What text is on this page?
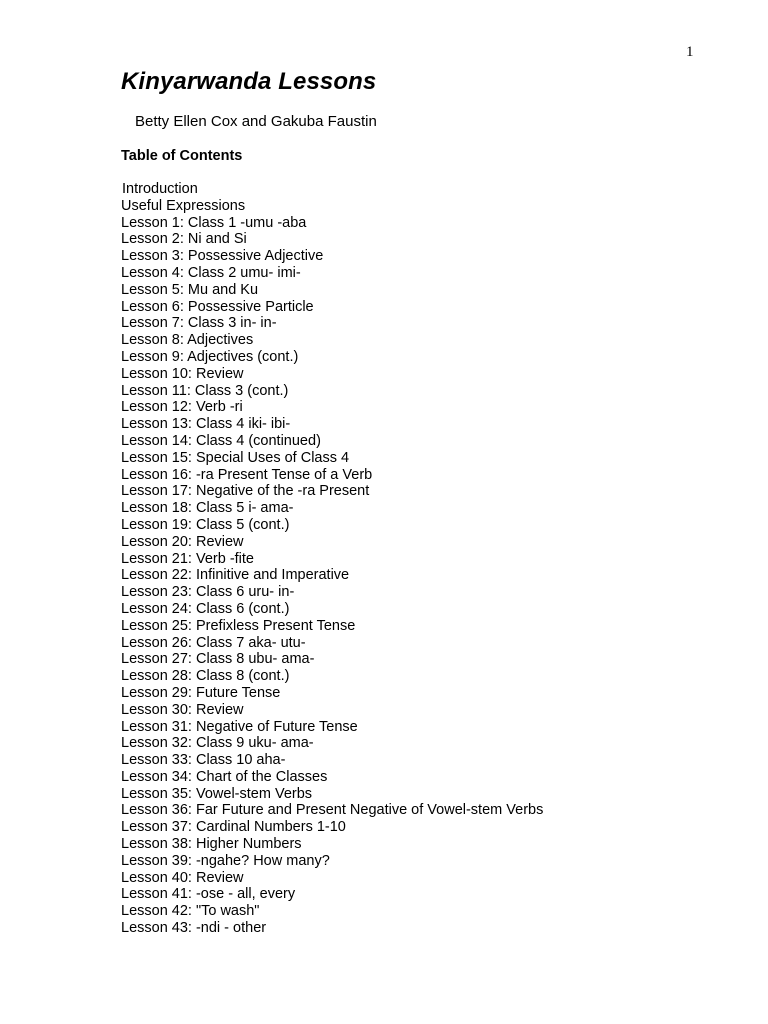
1
Kinyarwanda Lessons
Betty Ellen Cox and Gakuba Faustin
Table of Contents
Introduction
Useful Expressions
Lesson 1: Class 1 -umu -aba
Lesson 2: Ni and Si
Lesson 3: Possessive Adjective
Lesson 4: Class 2 umu- imi-
Lesson 5: Mu and Ku
Lesson 6: Possessive Particle
Lesson 7: Class 3 in- in-
Lesson 8: Adjectives
Lesson 9: Adjectives (cont.)
Lesson 10: Review
Lesson 11: Class 3 (cont.)
Lesson 12: Verb -ri
Lesson 13: Class 4 iki- ibi-
Lesson 14: Class 4 (continued)
Lesson 15: Special Uses of Class 4
Lesson 16: -ra Present Tense of a Verb
Lesson 17: Negative of the -ra Present
Lesson 18: Class 5 i- ama-
Lesson 19: Class 5 (cont.)
Lesson 20: Review
Lesson 21: Verb -fite
Lesson 22: Infinitive and Imperative
Lesson 23: Class 6 uru- in-
Lesson 24: Class 6 (cont.)
Lesson 25: Prefixless Present Tense
Lesson 26: Class 7 aka- utu-
Lesson 27: Class 8 ubu- ama-
Lesson 28: Class 8 (cont.)
Lesson 29: Future Tense
Lesson 30: Review
Lesson 31: Negative of Future Tense
Lesson 32: Class 9 uku- ama-
Lesson 33: Class 10 aha-
Lesson 34: Chart of the Classes
Lesson 35: Vowel-stem Verbs
Lesson 36: Far Future and Present Negative of Vowel-stem Verbs
Lesson 37: Cardinal Numbers 1-10
Lesson 38: Higher Numbers
Lesson 39: -ngahe? How many?
Lesson 40: Review
Lesson 41: -ose - all, every
Lesson 42: "To wash"
Lesson 43: -ndi - other
